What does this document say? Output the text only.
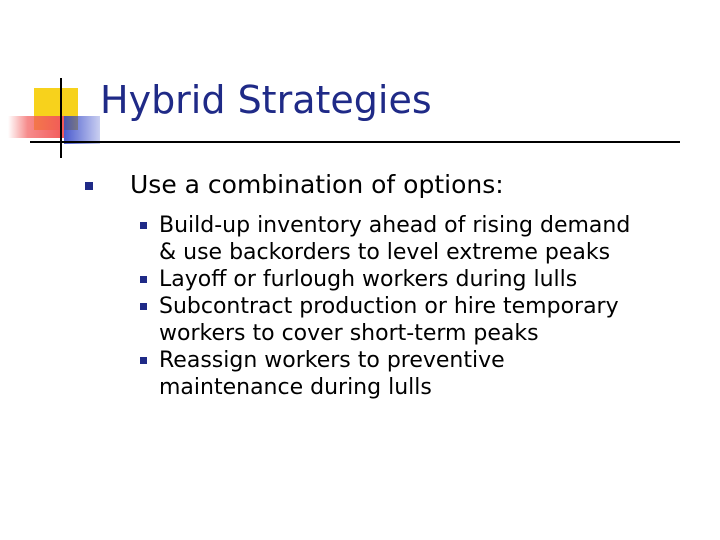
Hybrid Strategies
Use a combination of options:

Build-up inventory ahead of rising demand
& use backorders to level extreme peaks

Layoff or furlough workers during lulls

Subcontract production or hire temporary
workers to cover short-term peaks

Reassign workers to preventive
maintenance during lulls
